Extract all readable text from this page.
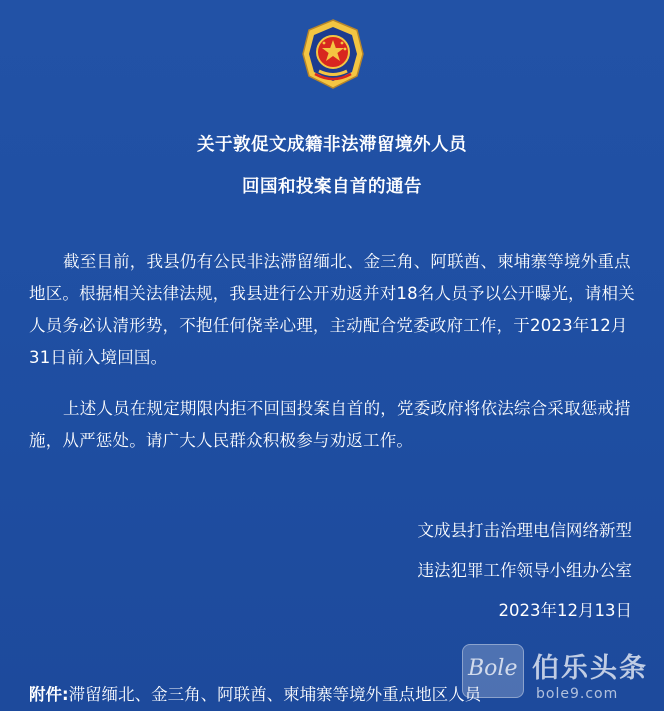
关于敦促文成籍非法滞留境外人员
回国和投案自首的通告
截至目前，我县仍有公民非法滞留缅北、金三角、阿联酋、柬埔寨等境外重点地区。根据相关法律法规，我县进行公开劝返并对18名人员予以公开曝光，请相关人员务必认清形势，不抱任何侥幸心理，主动配合党委政府工作，于2023年12月31日前入境回国。
上述人员在规定期限内拒不回国投案自首的，党委政府将依法综合采取惩戒措施，从严惩处。请广大人民群众积极参与劝返工作。
文成县打击治理电信网络新型
违法犯罪工作领导小组办公室
2023年12月13日
附件:滞留缅北、金三角、阿联酋、柬埔寨等境外重点地区人员
Bole 伯乐头条
bole9.com
